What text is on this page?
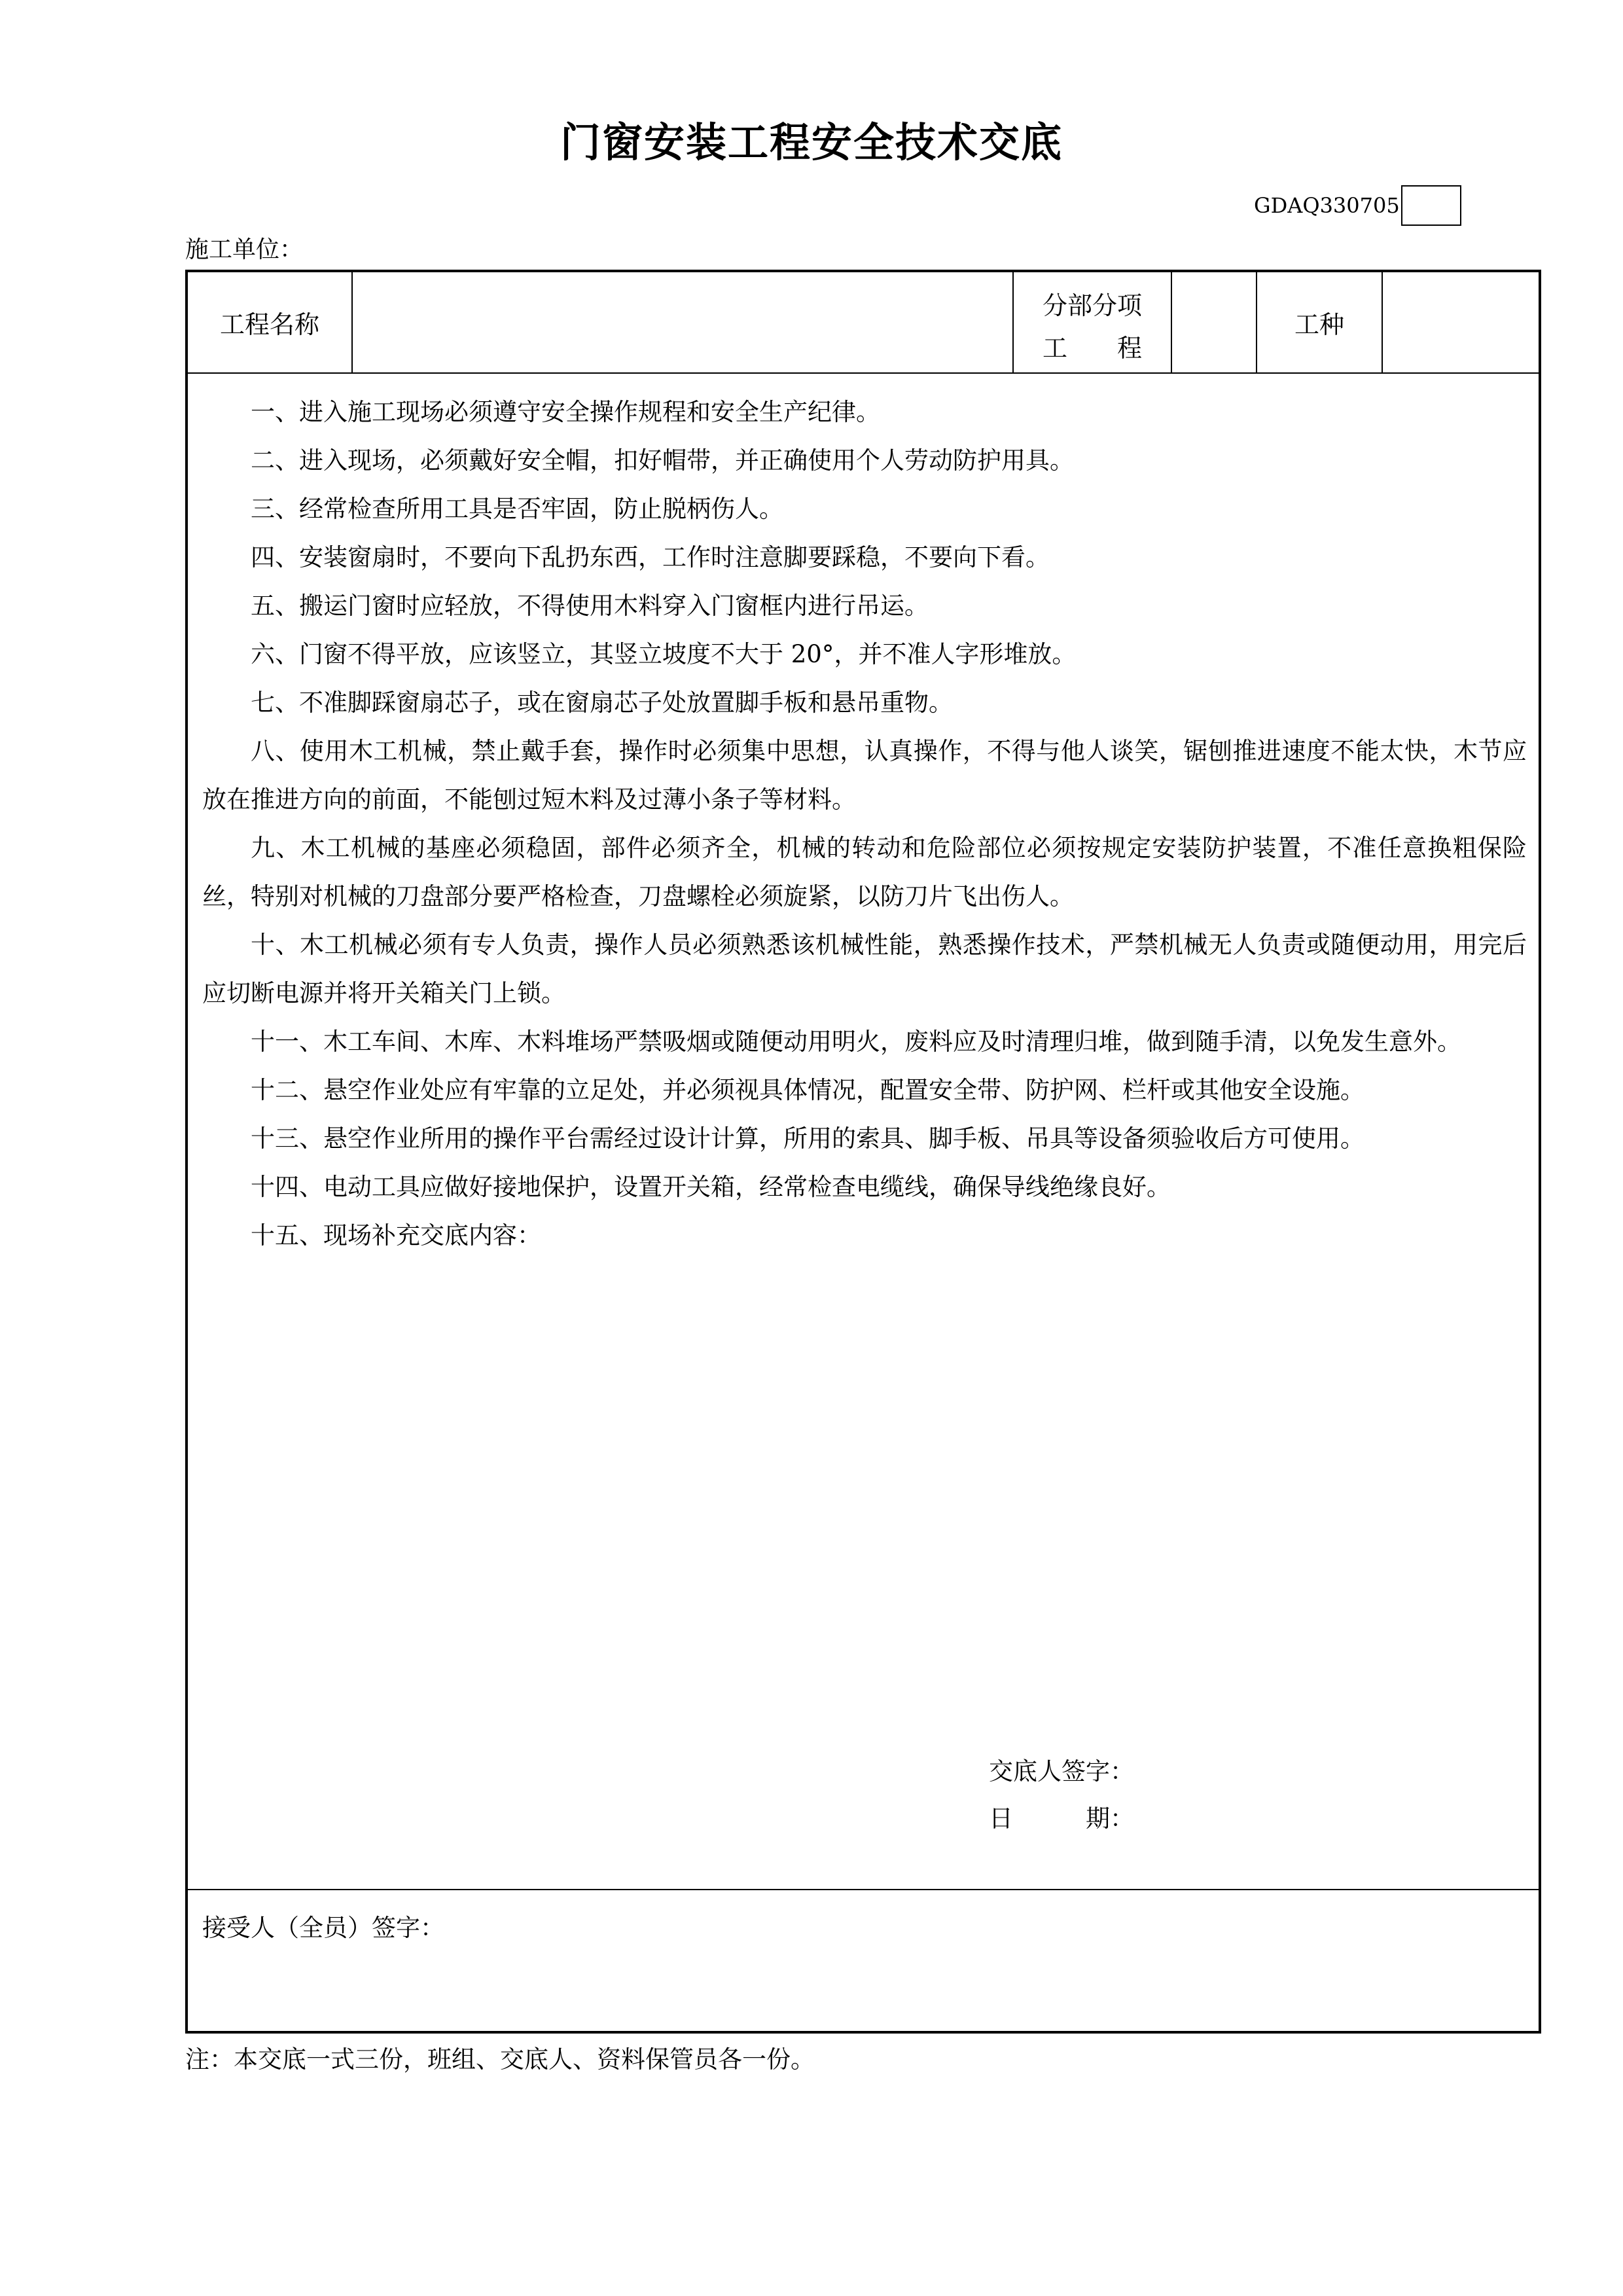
门窗安装工程安全技术交底
GDAQ330705
施工单位：
工程名称
分部分项
工　　程
工种

一、进入施工现场必须遵守安全操作规程和安全生产纪律。

二、进入现场，必须戴好安全帽，扣好帽带，并正确使用个人劳动防护用具。

三、经常检查所用工具是否牢固，防止脱柄伤人。

四、安装窗扇时，不要向下乱扔东西，工作时注意脚要踩稳，不要向下看。

五、搬运门窗时应轻放，不得使用木料穿入门窗框内进行吊运。

六、门窗不得平放，应该竖立，其竖立坡度不大于 20°，并不准人字形堆放。

七、不准脚踩窗扇芯子，或在窗扇芯子处放置脚手板和悬吊重物。

八、使用木工机械，禁止戴手套，操作时必须集中思想，认真操作，不得与他人谈笑，锯刨推进速度不能太快，木节应放在推进方向的前面，不能刨过短木料及过薄小条子等材料。

九、木工机械的基座必须稳固，部件必须齐全，机械的转动和危险部位必须按规定安装防护装置，不准任意换粗保险丝，特别对机械的刀盘部分要严格检查，刀盘螺栓必须旋紧，以防刀片飞出伤人。

十、木工机械必须有专人负责，操作人员必须熟悉该机械性能，熟悉操作技术，严禁机械无人负责或随便动用，用完后应切断电源并将开关箱关门上锁。

十一、木工车间、木库、木料堆场严禁吸烟或随便动用明火，废料应及时清理归堆，做到随手清，以免发生意外。

十二、悬空作业处应有牢靠的立足处，并必须视具体情况，配置安全带、防护网、栏杆或其他安全设施。

十三、悬空作业所用的操作平台需经过设计计算，所用的索具、脚手板、吊具等设备须验收后方可使用。

十四、电动工具应做好接地保护，设置开关箱，经常检查电缆线，确保导线绝缘良好。

十五、现场补充交底内容：

交底人签字：
日　　　期：
接受人（全员）签字：
注：本交底一式三份，班组、交底人、资料保管员各一份。
